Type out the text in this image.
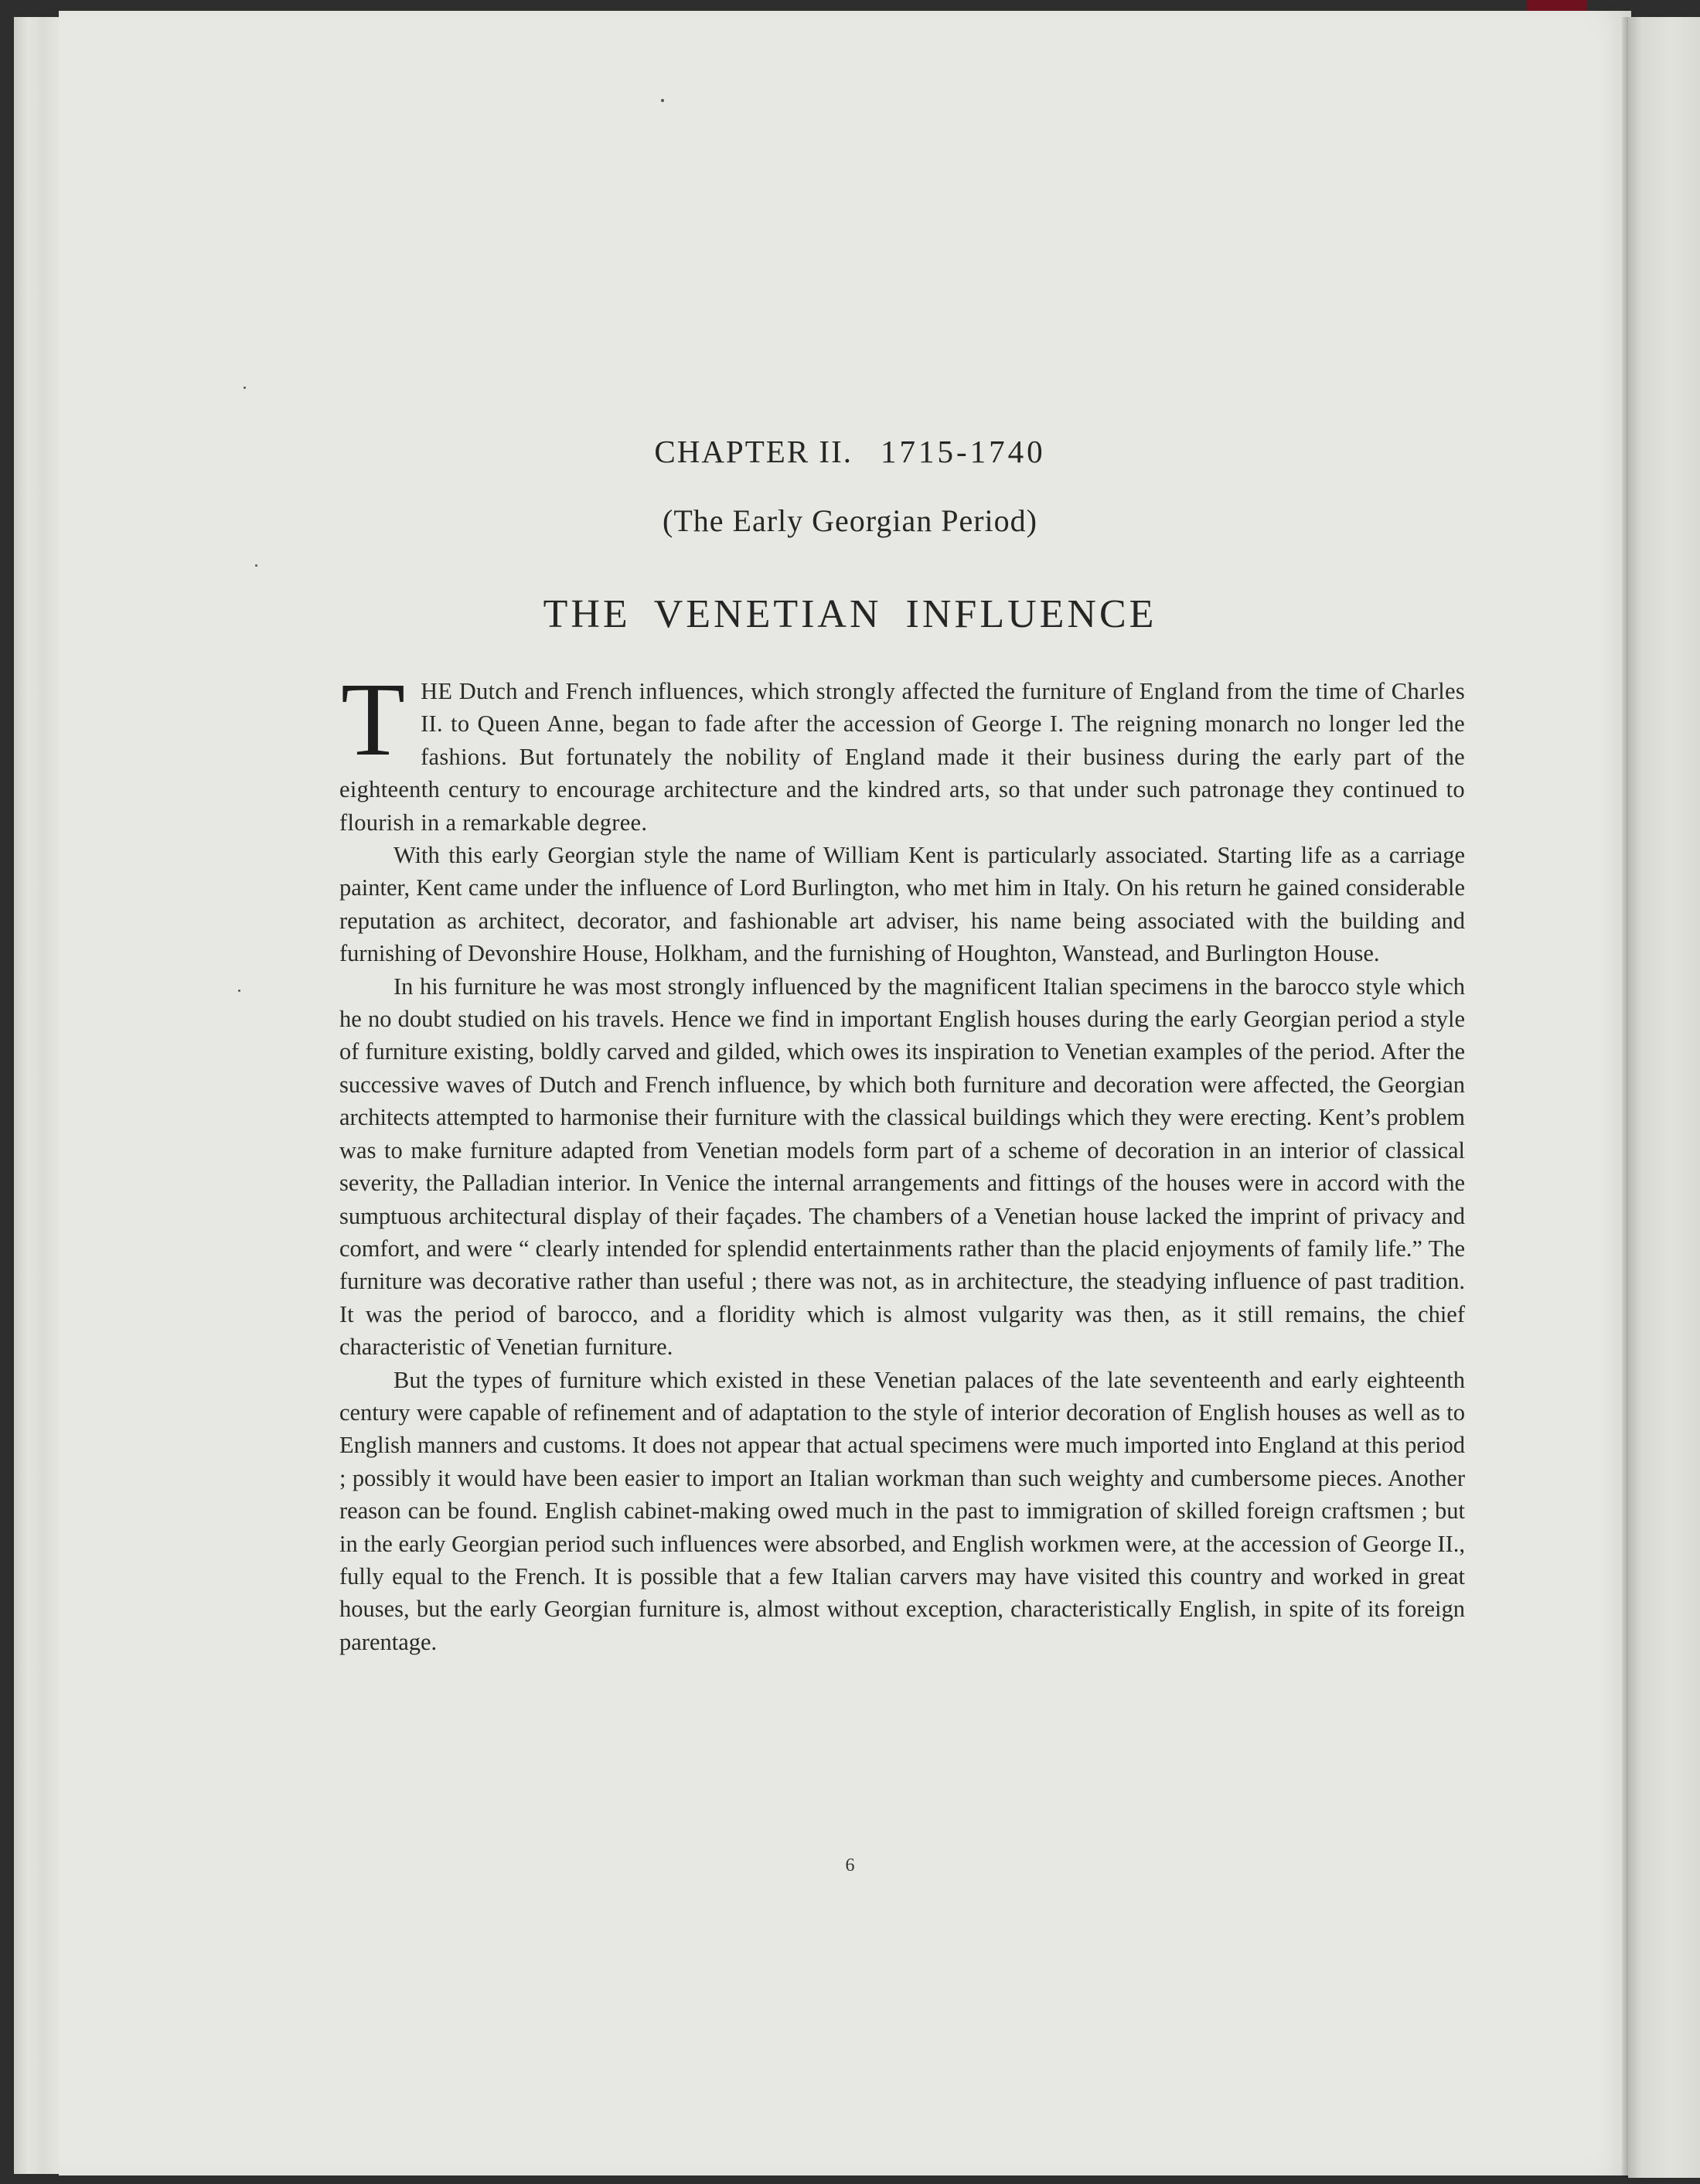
CHAPTER II. 1715-1740
(The Early Georgian Period)
THE VENETIAN INFLUENCE

THE Dutch and French influences, which strongly affected the furniture of England from the time of Charles II. to Queen Anne, began to fade after the accession of George I. The reigning monarch no longer led the fashions. But fortunately the nobility of England made it their business during the early part of the eighteenth century to encourage architecture and the kindred arts, so that under such patronage they continued to flourish in a remarkable degree.

With this early Georgian style the name of William Kent is particularly associated. Starting life as a carriage painter, Kent came under the influence of Lord Burlington, who met him in Italy. On his return he gained considerable reputation as architect, decorator, and fashionable art adviser, his name being associated with the building and furnishing of Devonshire House, Holkham, and the furnishing of Houghton, Wanstead, and Burlington House.

In his furniture he was most strongly influenced by the magnificent Italian specimens in the barocco style which he no doubt studied on his travels. Hence we find in important English houses during the early Georgian period a style of furniture existing, boldly carved and gilded, which owes its inspiration to Venetian examples of the period. After the successive waves of Dutch and French influence, by which both furniture and decoration were affected, the Georgian architects attempted to harmonise their furniture with the classical buildings which they were erecting. Kent’s problem was to make furniture adapted from Venetian models form part of a scheme of decoration in an interior of classical severity, the Palladian interior. In Venice the internal arrangements and fittings of the houses were in accord with the sumptuous architectural display of their façades. The chambers of a Venetian house lacked the imprint of privacy and comfort, and were “ clearly intended for splendid entertainments rather than the placid enjoyments of family life.” The furniture was decorative rather than useful ; there was not, as in architecture, the steadying influence of past tradition. It was the period of barocco, and a floridity which is almost vulgarity was then, as it still remains, the chief characteristic of Venetian furniture.

But the types of furniture which existed in these Venetian palaces of the late seventeenth and early eighteenth century were capable of refinement and of adaptation to the style of interior decoration of English houses as well as to English manners and customs. It does not appear that actual specimens were much imported into England at this period ; possibly it would have been easier to import an Italian workman than such weighty and cumbersome pieces. Another reason can be found. English cabinet-making owed much in the past to immigration of skilled foreign craftsmen ; but in the early Georgian period such influences were absorbed, and English workmen were, at the accession of George II., fully equal to the French. It is possible that a few Italian carvers may have visited this country and worked in great houses, but the early Georgian furniture is, almost without exception, characteristically English, in spite of its foreign parentage.

6
